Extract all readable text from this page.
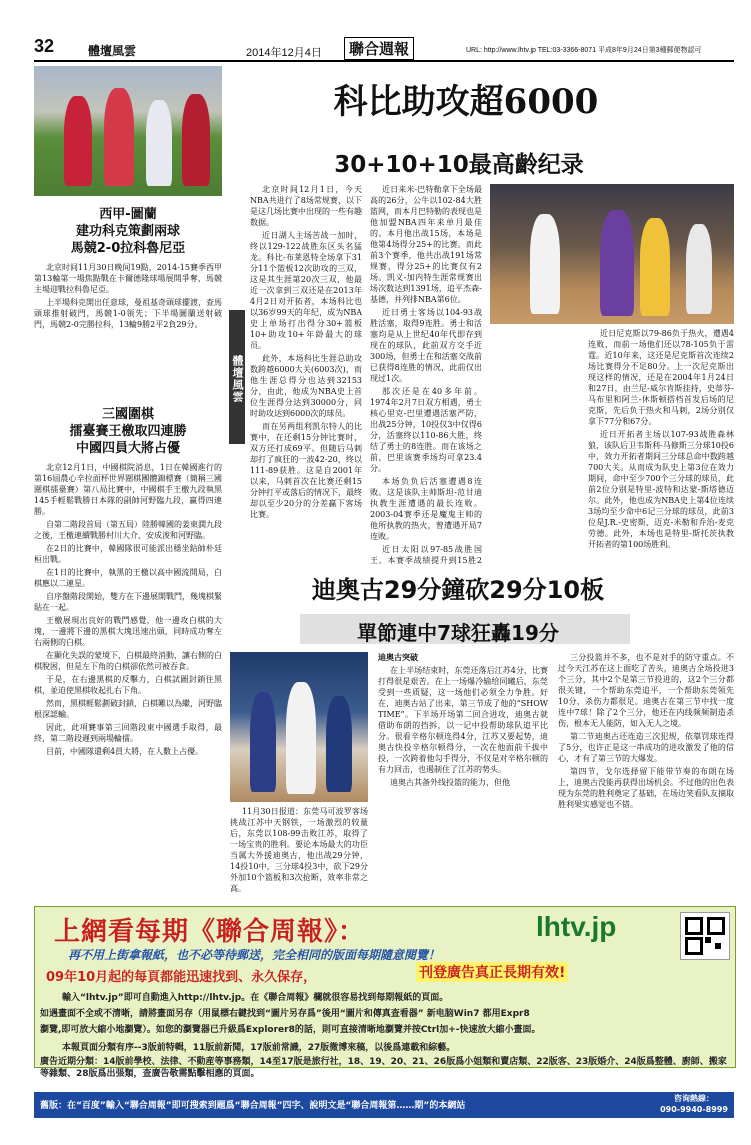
32	體壇風雲	2014年12月4日	聯合週報	URL: http://www.lhtv.jp TEL:03-3366-8071 平成8年9月24日第3種郵便物認可
西甲-圖蘭
建功科克策劃兩球
馬競2-0拉科魯尼亞

北京时间11月30日晚间19點，2014-15賽季西甲第13輪第一場焦點戰在卡爾德隆球場展開爭奪，馬競主場迎戰拉科魯尼亞。

上半場科克開出任意球，曼祖基奇頭球擺渡，查馬頭球推射破門，馬競1-0領先；下半場圖蘭送射破門，馬競2-0完勝拉科，13輪9勝2平2負29分。

三國圍棋
擂臺賽王檄取四連勝
中國四員大將占優

北京12月1日，中國棋院消息，1日在韓國進行的第16屆農心辛拉面杯世界圍棋團體錦標賽（簡稱三國圍棋擂臺賽）第八局比賽中，中國棋手王檄九段執黑145手輕鬆戰勝日本隊的副帥河野臨九段，赢得四連勝。

自第二階段首局（第五局）陸勝韓國的姜東潤九段之後，王檄連續戰勝村川大介、安成浚和河野臨。

在2日的比賽中，韓國隊很可能派出穩坐鉆帥朴廷桓出戰。

在1日的比賽中，執黑的王檄以高中國流開局，白棋應以二連星。

自序盤階段開始，雙方在下邊展開戰鬥，幾塊棋緊貼在一起。

王檄展現出良好的戰鬥感覺，他一邊攻白棋的大塊，一邊將下邊的黑棋大塊迅速出頭，同時成功奪左右兩側的白棋。

在顯化失誤的蒙境下，白棋最終消動，讓右側的白棋脫困，但是左下角的白棋卻依然可被吞食。

于是，在右邊黑棋的反擊力，白棋試圖封鎖住黑棋，並迫使黑棋收起扎右下角。

然而，黑棋輕鬆劃破封鎖，白棋難以為繼，河野臨根深認輸。

因此，此項賽事第三回階段東中國選手取得，最終，第二階段遲到兩場輪擂。

目前，中國隊還剩4員大將，在人數上占優。

體壇風雲
科比助攻超6000
30+10+10最高齡纪录

北京时间12月1日，今天NBA共进行了8场常规赛，以下是这几场比赛中出现的一些有趣数据。

近日湖人主场苦战一加时，终以129-122战胜东区头名猛龙。科比-布莱恩特全场拿下31分11个篮板12次助攻的三双，这是其生涯第20次三双，他最近一次拿到三双还是在2013年4月2日对开拓者，本场科比也以36岁99天的年纪，成为NBA史上单场打出得分30+篮板10+助攻10+年龄最大的球员。

此外，本场科比生涯总助攻数跨越6000大关(6003次)，而他生涯总得分也达到32153分，由此，他成为NBA史上首位生涯得分达到30000分，同时助攻达到6000次的球员。

而在另两组利凯尔特人的比赛中，在还剩15分钟比赛时，双方还打成69平。但随后马刺却打了疯狂的一波42-20，终以111-89获胜。这是自2001年以来，马刺首次在比赛还剩15分钟打平或落后的情况下，最终却以至少20分的分差赢下客场比赛。

近日来米-巴特勒拿下全场最高的26分，公牛以102-84大胜篮网，而本月巴特勒的表现也是他加盟NBA四年来单月最佳的。本月他出战15场，本场是他第4场得分25+的比赛。而此前3个赛季，他共出战191场常规赛，得分25+的比赛仅有2场。凯义-加内特生涯常规赛出场次数达到1391场，追平杰森-基德，并列排NBA第6位。

近日勇士客场以104-93战胜活塞，取得9连胜。勇士和活塞均是从上世纪40年代即存到现在的球队，此前双方交手近300场，但勇士在和活塞交战前已获得8连胜的情况，此前仅出现过1次。

那次还是在40多年前。1974年2月7日双方相遇，勇士核心里克-巴里遭遇活塞严防，出战25分钟，10投仅3中仅得6分，活塞终以110-86大胜，终结了勇士的8连胜。而在该场之前，巴里该赛季场均可拿23.4分。

本场负负后活塞遭遇8连败。这是该队主帅斯坦-范甘迪执教生涯遭遇的最长连败。2003-04赛季还是魔鬼主帅的他所执教的热火，曾遭遇开局7连败。

近日太阳以97-85战胜国王，本赛季战绩提升到15胜2

近日尼克斯以79-86负于热火，遭遇4连败，而前一场他们还以78-105负于雷霆。近10年来，这还是尼克斯首次连续2场比赛得分不足80分。上一次尼克斯出现这样的情况，还是在2004年1月24日和27日，由兰尼-威尔肯斯挂持，史蒂芬-马布里和阿兰-休斯顿搭档首发后场的尼克斯，先后负于热火和马刺，2场分别仅拿下77分和67分。

近日开拓者主场以107-93战胜森林狼，该队后卫韦斯利-马修斯三分球10投6中，效力开拓者期间三分球总命中数跨越700大关。从而成为队史上第3位在效力期间，命中至少700个三分球的球员，此前2位分别是特里-波特和达蒙-斯塔德迈尔。此外，他也成为NBA史上第4位连续3场均至少命中6记三分球的球员，此前3位是J.R.-史密斯、迈克-米勒和乔治-麦克劳德。此外，本场也是特里-斯托茨执教开拓者的第100场胜利。

迪奥古29分鐘砍29分10板
單節連中7球狂轟19分
11月30日报道：东莞马可波罗客场挑战江苏中天钢铁，一场激烈的较量后，东莞以108-99击败江苏，取得了一场宝贵的胜利。要论本场最大的功臣当属大外援迪奥古，他出战29分钟，14投10中，三分球4投3中，砍下29分外加10个篮板和3次抢断，效率非常之高。

迪奥古突破

在上半场结束时，东莞还落后江苏4分，比赛打得很是艰苦。在上一场爆冷输给同曦后，东莞受到一些质疑，这一场他们必须全力争胜。好在，迪奥古站了出来，第三节成了他的“SHOW TIME”。下半场开场第二回合进攻，迪奥古就借助布朗的挡拆，以一记中投帮助球队追平比分。很看辛格尔顿连得4分，江苏又要起势，迪奥古快投辛格尔顿得分，一次在他面前干拔中投，一次跨着他勾手得分，不仅是对辛格尔顿的有力回击，也遏制住了江苏的势头。

迪奥古其备外线投篮的能力，但他

三分投篮并不多，也不是对手的防守重点。不过今天江苏在这上面吃了苦头，迪奥古全场投进3个三分，其中2个是第三节投进的，这2个三分都很关键，一个帮助东莞追平，一个帮助东莞领先10分，杀伤力都很足。迪奥古在第三节中找一度连中7球！除了2个三分，他还在内线频频制造杀伤，根本无人能防，如入无人之境。

第二节迪奥古还连造三次犯规，依靠罚球连得了5分，也许正是这一串成功的进攻激发了他的信心，才有了第三节的大爆发。

第四节，戈尔选择留下能带节奏的布朗在场上，迪奥古没能再获得出场机会。不过他的出色表现为东莞的胜利奠定了基础，在场边笑看队友摘取胜利果实感觉也不错。

上網看每期《聯合周報》：	lhtv.jp
再不用上街拿報紙，也不必等待郵送，完全相同的版面每期隨意閱覽！
09年10月起的每頁都能迅速找到、永久保存，	刊登廣告真正長期有效!
輸入“lhtv.jp”即可自動進入http://lhtv.jp。在《聯合周報》欄就很容易找到每期報紙的頁面。
如遇畫面不全或不清晰，請將畫面另存（用鼠標右鍵找到“圖片另存爲”後用“圖片和傳真查看器” 新电脑Win7 都用Expr8
瀏覽,即可放大縮小地瀏覽）。如您的瀏覽器已升級爲Explorer8的話，則可直接清晰地瀏覽并按Ctrl加+-快速放大縮小畫面。
本報頁面分類有序--3版前特輯，11版前新聞，17版前常識，27版微博來稿，以後爲連載和綜藝。
廣告近期分類：14版前學校、法律、不動産等事務類，14至17版是旅行社，18、19、20、21、26版爲小姐類和賣店類、22版客、23版婚介、24版爲整體、廚師、搬家等雜類、28版爲出張類，查廣告敬需點擊相應的頁面。
舊版：在“百度”輸入“聯合周報”即可搜索到題爲“聯合周報”四字、說明文是“聯合周報第……期”的本網站
咨询熱線：
090-9940-8999
